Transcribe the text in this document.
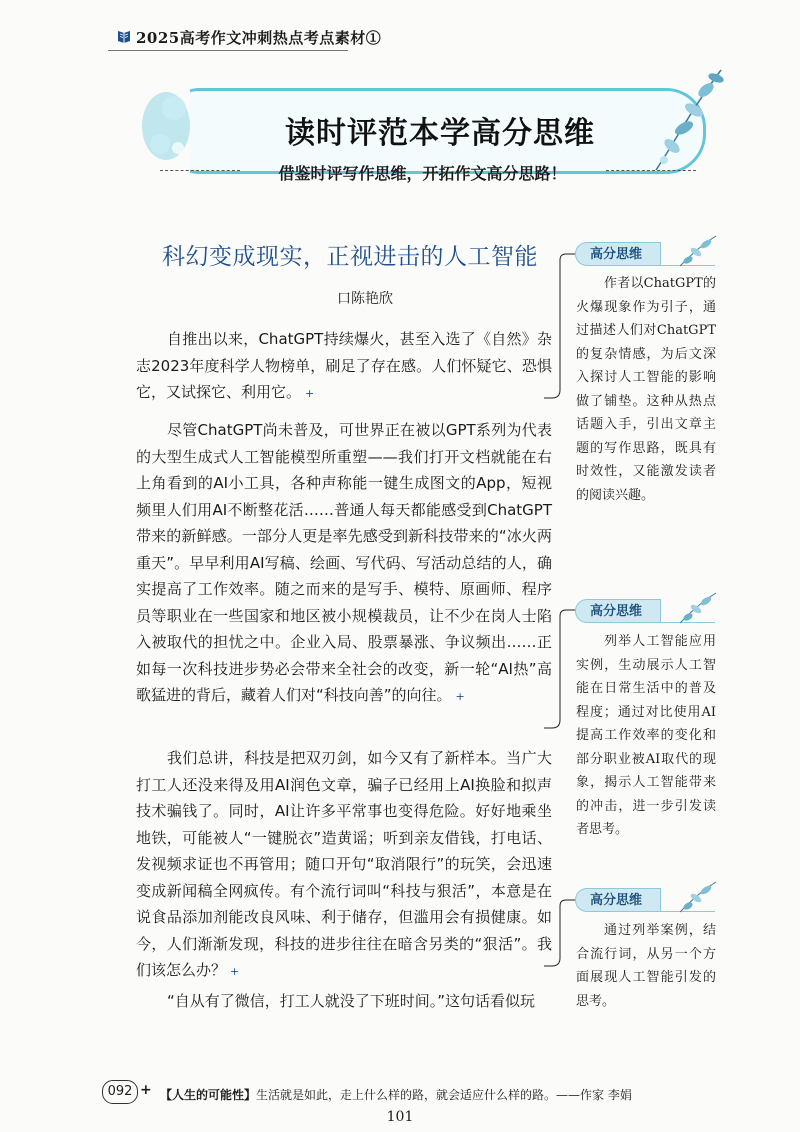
2025高考作文冲刺热点考点素材①
读时评范本学高分思维
借鉴时评写作思维，开拓作文高分思路！
科幻变成现实，正视进击的人工智能
口陈艳欣

自推出以来，ChatGPT持续爆火，甚至入选了《自然》杂志2023年度科学人物榜单，刷足了存在感。人们怀疑它、恐惧它，又试探它、利用它。 +

尽管ChatGPT尚未普及，可世界正在被以GPT系列为代表的大型生成式人工智能模型所重塑——我们打开文档就能在右上角看到的AI小工具，各种声称能一键生成图文的App，短视频里人们用AI不断整花活……普通人每天都能感受到ChatGPT带来的新鲜感。一部分人更是率先感受到新科技带来的“冰火两重天”。早早利用AI写稿、绘画、写代码、写活动总结的人，确实提高了工作效率。随之而来的是写手、模特、原画师、程序员等职业在一些国家和地区被小规模裁员，让不少在岗人士陷入被取代的担忧之中。企业入局、股票暴涨、争议频出……正如每一次科技进步势必会带来全社会的改变，新一轮“AI热”高歌猛进的背后，藏着人们对“科技向善”的向往。 +

我们总讲，科技是把双刃剑，如今又有了新样本。当广大打工人还没来得及用AI润色文章，骗子已经用上AI换脸和拟声技术骗钱了。同时，AI让许多平常事也变得危险。好好地乘坐地铁，可能被人“一键脱衣”造黄谣；听到亲友借钱，打电话、发视频求证也不再管用；随口开句“取消限行”的玩笑，会迅速变成新闻稿全网疯传。有个流行词叫“科技与狠活”，本意是在说食品添加剂能改良风味、利于储存，但滥用会有损健康。如今，人们渐渐发现，科技的进步往往在暗含另类的“狠活”。我们该怎么办？ +

“自从有了微信，打工人就没了下班时间。”这句话看似玩

高分思维

作者以ChatGPT的火爆现象作为引子，通过描述人们对ChatGPT的复杂情感，为后文深入探讨人工智能的影响做了铺垫。这种从热点话题入手，引出文章主题的写作思路，既具有时效性，又能激发读者的阅读兴趣。

高分思维

列举人工智能应用实例，生动展示人工智能在日常生活中的普及程度；通过对比使用AI提高工作效率的变化和部分职业被AI取代的现象，揭示人工智能带来的冲击，进一步引发读者思考。

高分思维

通过列举案例，结合流行词，从另一个方面展现人工智能引发的思考。

092 + 【人生的可能性】生活就是如此，走上什么样的路，就会适应什么样的路。——作家 李娟
101
